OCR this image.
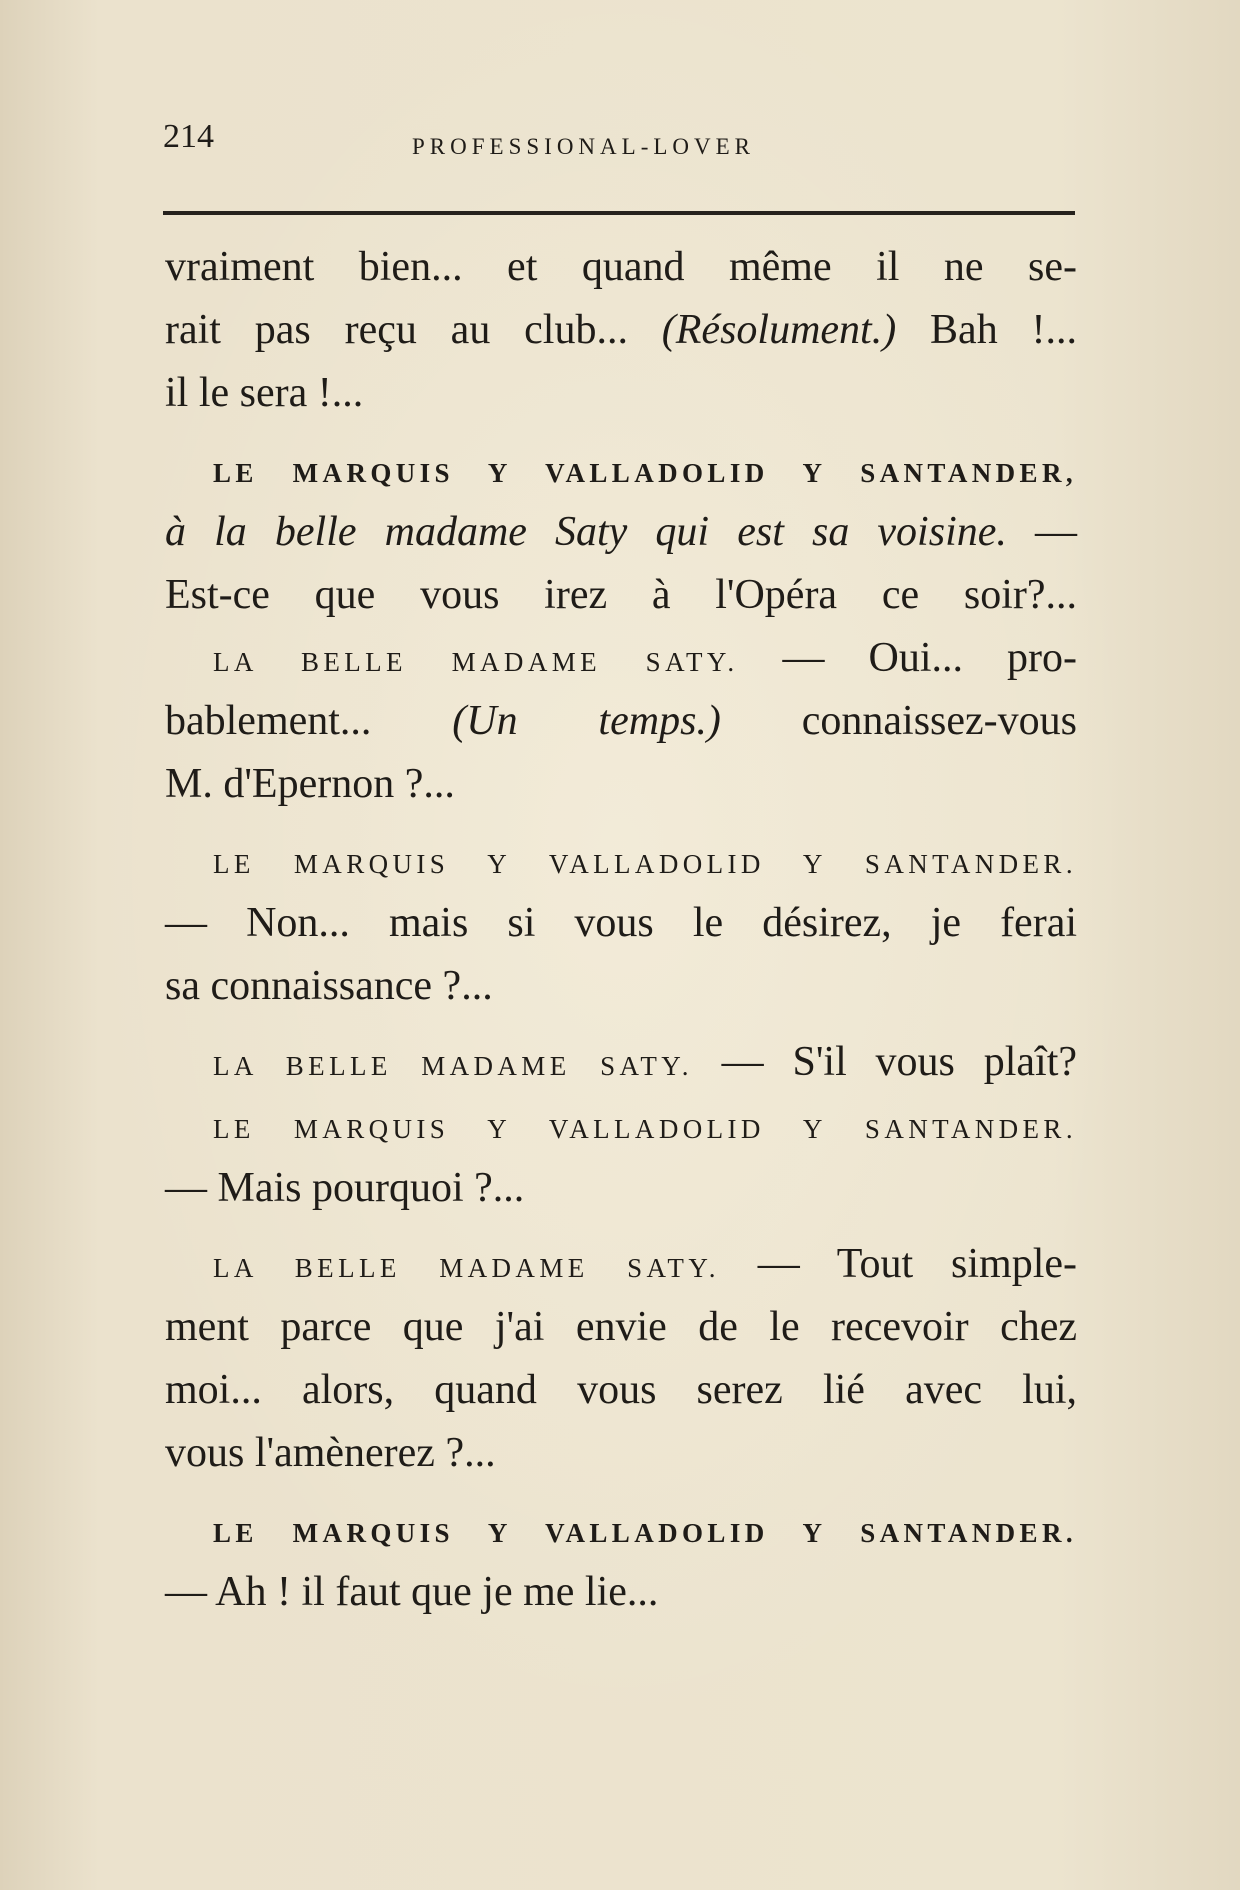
214	PROFESSIONAL-LOVER
vraiment bien... et quand même il ne se-
rait pas reçu au club... (Résolument.) Bah !...
il le sera !...
LE MARQUIS Y VALLADOLID Y SANTANDER,
à la belle madame Saty qui est sa voisine. —
Est-ce que vous irez à l'Opéra ce soir?...
LA BELLE MADAME SATY. — Oui... pro-
bablement... (Un temps.) connaissez-vous
M. d'Epernon ?...
LE MARQUIS Y VALLADOLID Y SANTANDER.
— Non... mais si vous le désirez, je ferai
sa connaissance ?...
LA BELLE MADAME SATY. — S'il vous plaît?
LE MARQUIS Y VALLADOLID Y SANTANDER.
— Mais pourquoi ?...
LA BELLE MADAME SATY. — Tout simple-
ment parce que j'ai envie de le recevoir chez
moi... alors, quand vous serez lié avec lui,
vous l'amènerez ?...
LE MARQUIS Y VALLADOLID Y SANTANDER.
— Ah ! il faut que je me lie...
